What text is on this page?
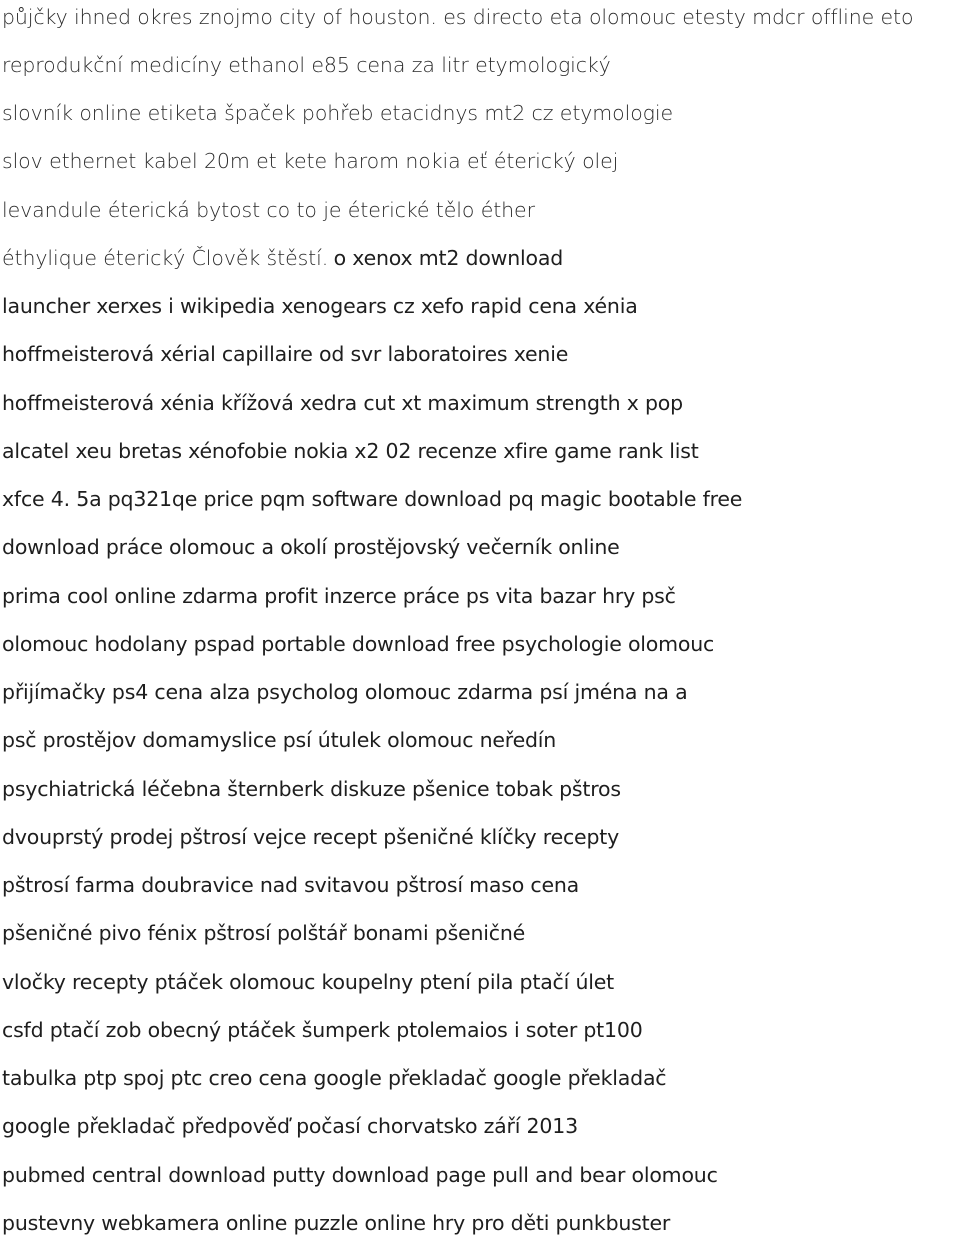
půjčky ihned okres znojmo city of houston. es directo eta olomouc etesty mdcr offline eto
reprodukční medicíny ethanol e85 cena za litr etymologický
slovník online etiketa špaček pohřeb etacidnys mt2 cz etymologie
slov ethernet kabel 20m et kete harom nokia eť éterický olej
levandule éterická bytost co to je éterické tělo éther
éthylique éterický Člověk štěstí. o xenox mt2 download
launcher xerxes i wikipedia xenogears cz xefo rapid cena xénia
hoffmeisterová xérial capillaire od svr laboratoires xenie
hoffmeisterová xénia křížová xedra cut xt maximum strength x pop
alcatel xeu bretas xénofobie nokia x2 02 recenze xfire game rank list
xfce 4. 5a pq321qe price pqm software download pq magic bootable free
download práce olomouc a okolí prostějovský večerník online
prima cool online zdarma profit inzerce práce ps vita bazar hry psč
olomouc hodolany pspad portable download free psychologie olomouc
přijímačky ps4 cena alza psycholog olomouc zdarma psí jména na a
psč prostějov domamyslice psí útulek olomouc neředín
psychiatrická léčebna šternberk diskuze pšenice tobak pštros
dvouprstý prodej pštrosí vejce recept pšeničné klíčky recepty
pštrosí farma doubravice nad svitavou pštrosí maso cena
pšeničné pivo fénix pštrosí polštář bonami pšeničné
vločky recepty ptáček olomouc koupelny ptení pila ptačí úlet
csfd ptačí zob obecný ptáček šumperk ptolemaios i soter pt100
tabulka ptp spoj ptc creo cena google překladač google překladač
google překladač předpověď počasí chorvatsko září 2013
pubmed central download putty download page pull and bear olomouc
pustevny webkamera online puzzle online hry pro děti punkbuster
